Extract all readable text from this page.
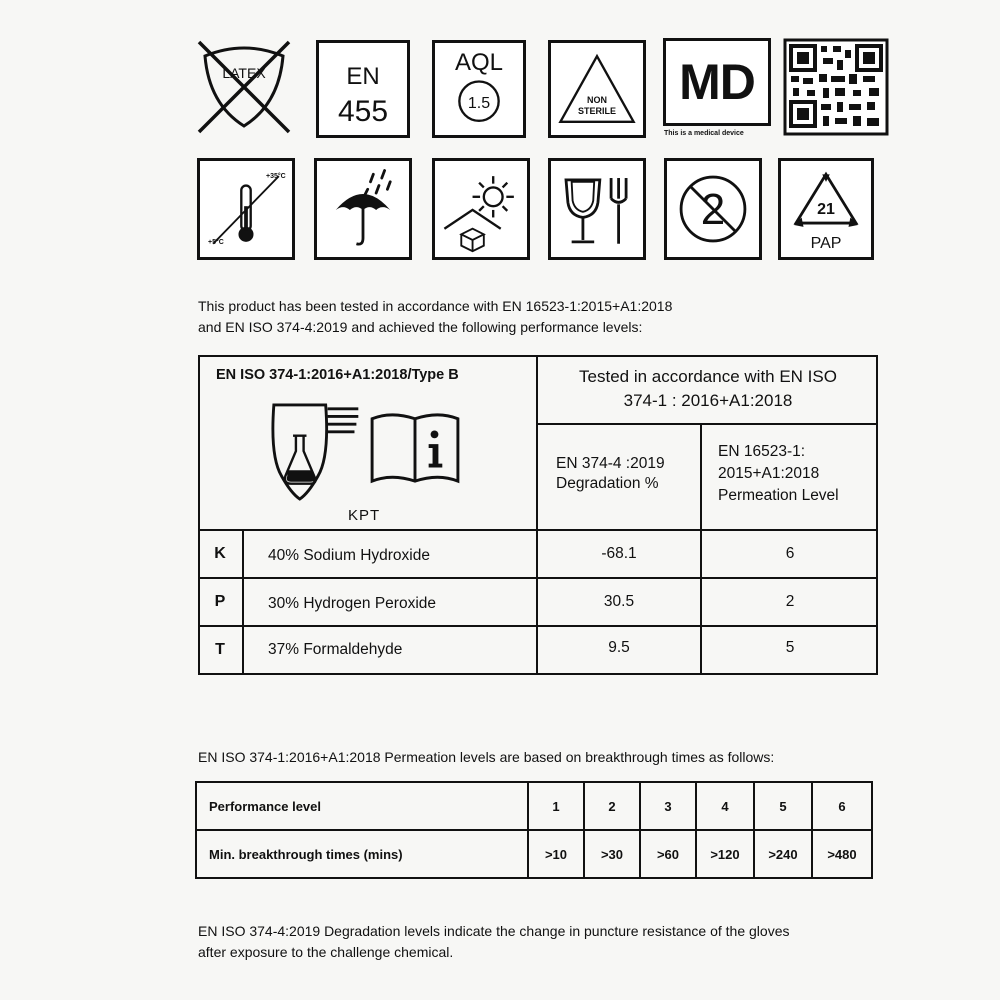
LATEX	EN
455
AQL
1.5	NON
STERILE
MD
This is a medical device
+35°C
+5°C
2	21
PAP
This product has been tested in accordance with EN 16523-1:2015+A1:2018
and EN ISO 374-4:2019 and achieved the following performance levels:
EN ISO 374-1:2016+A1:2018/Type B
KPT
Tested in accordance with EN ISO
374-1 : 2016+A1:2018
EN 374-4 :2019
Degradation %
EN 16523-1:
2015+A1:2018
Permeation Level
K	40% Sodium Hydroxide	-68.1	6
P	30% Hydrogen Peroxide	30.5	2
T	37% Formaldehyde	9.5	5
EN ISO 374-1:2016+A1:2018 Permeation levels are based on breakthrough times as follows:
Performance level	1	2	3	4	5	6
Min. breakthrough times (mins)	>10	>30	>60	>120	>240	>480
EN ISO 374-4:2019 Degradation levels indicate the change in puncture resistance of the gloves
after exposure to the challenge chemical.
